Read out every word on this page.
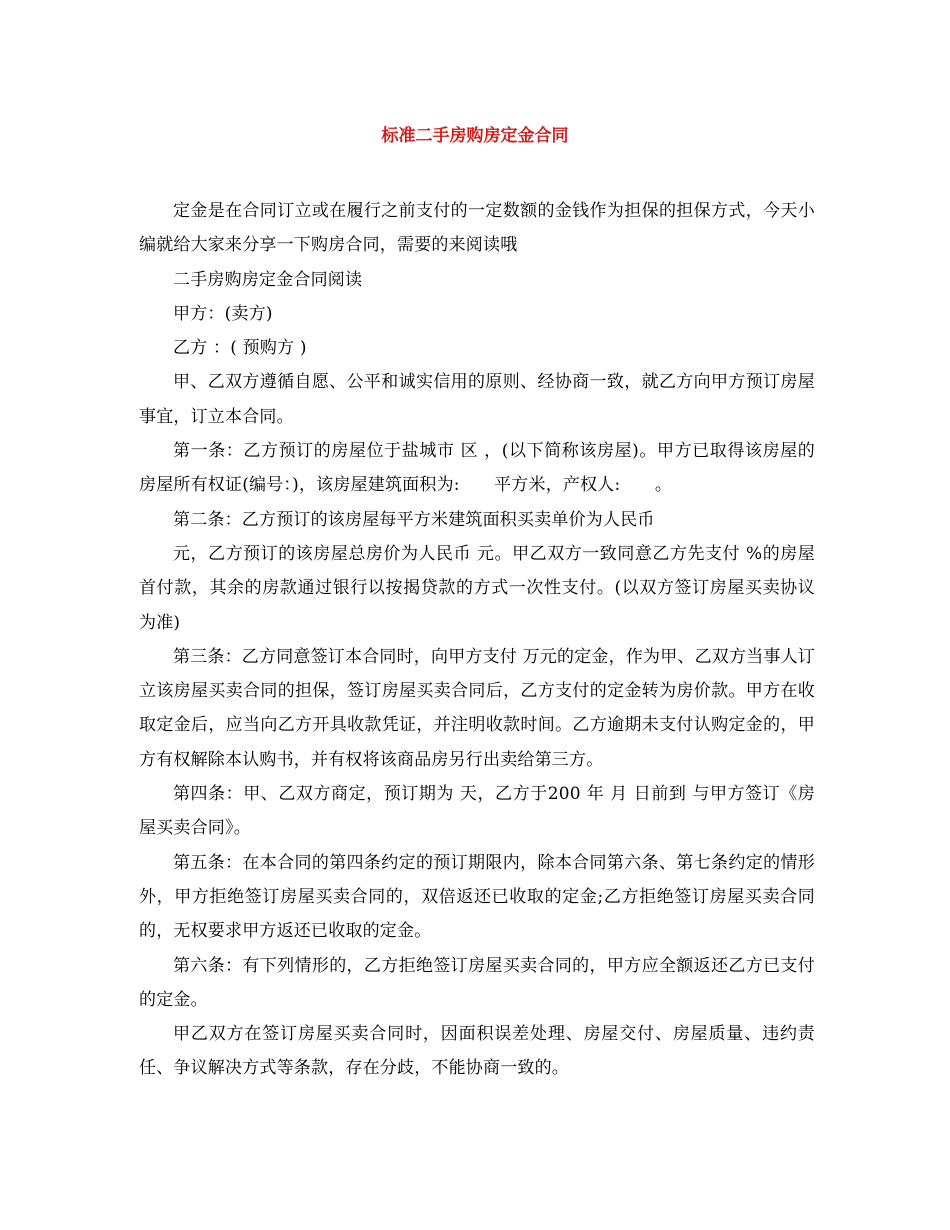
标准二手房购房定金合同

定金是在合同订立或在履行之前支付的一定数额的金钱作为担保的担保方式，今天小编就给大家来分享一下购房合同，需要的来阅读哦

二手房购房定金合同阅读

甲方：(卖方)

乙方 ：( 预购方 )

甲、乙双方遵循自愿、公平和诚实信用的原则、经协商一致，就乙方向甲方预订房屋事宜，订立本合同。

第一条：乙方预订的房屋位于盐城市 区 ，(以下简称该房屋)。甲方已取得该房屋的房屋所有权证(编号：)，该房屋建筑面积为:　　平方米，产权人:　　。

第二条：乙方预订的该房屋每平方米建筑面积买卖单价为人民币

元，乙方预订的该房屋总房价为人民币 元。甲乙双方一致同意乙方先支付 %的房屋首付款，其余的房款通过银行以按揭贷款的方式一次性支付。(以双方签订房屋买卖协议为准)

第三条：乙方同意签订本合同时，向甲方支付 万元的定金，作为甲、乙双方当事人订立该房屋买卖合同的担保，签订房屋买卖合同后，乙方支付的定金转为房价款。甲方在收取定金后，应当向乙方开具收款凭证，并注明收款时间。乙方逾期未支付认购定金的，甲方有权解除本认购书，并有权将该商品房另行出卖给第三方。

第四条：甲、乙双方商定，预订期为 天，乙方于200 年 月 日前到 与甲方签订《房屋买卖合同》。

第五条：在本合同的第四条约定的预订期限内，除本合同第六条、第七条约定的情形外，甲方拒绝签订房屋买卖合同的，双倍返还已收取的定金;乙方拒绝签订房屋买卖合同的，无权要求甲方返还已收取的定金。

第六条：有下列情形的，乙方拒绝签订房屋买卖合同的，甲方应全额返还乙方已支付的定金。

甲乙双方在签订房屋买卖合同时，因面积误差处理、房屋交付、房屋质量、违约责任、争议解决方式等条款，存在分歧，不能协商一致的。
